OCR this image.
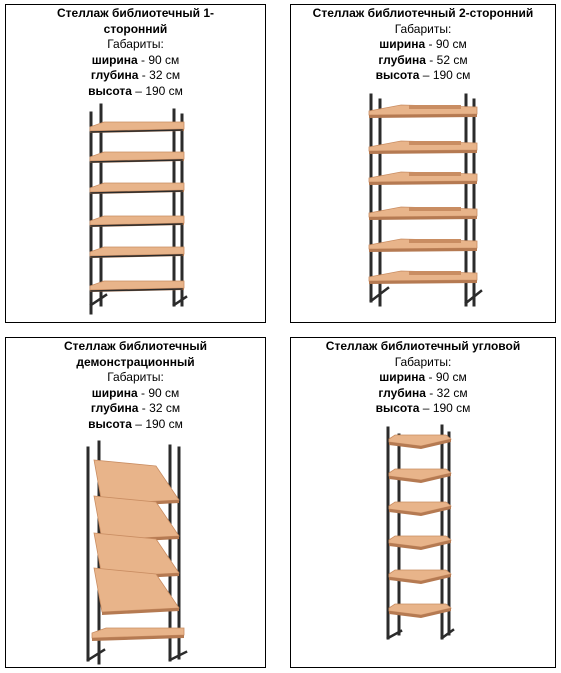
Стеллаж библиотечный 1-
сторонний
Габариты:
ширина - 90 см
глубина - 32 см
высота – 190 см
Стеллаж библиотечный 2-сторонний
Габариты:
ширина - 90 см
глубина - 52 см
высота – 190 см
Стеллаж библиотечный
демонстрационный
Габариты:
ширина - 90 см
глубина - 32 см
высота – 190 см
Стеллаж библиотечный угловой
Габариты:
ширина - 90 см
глубина - 32 см
высота – 190 см
